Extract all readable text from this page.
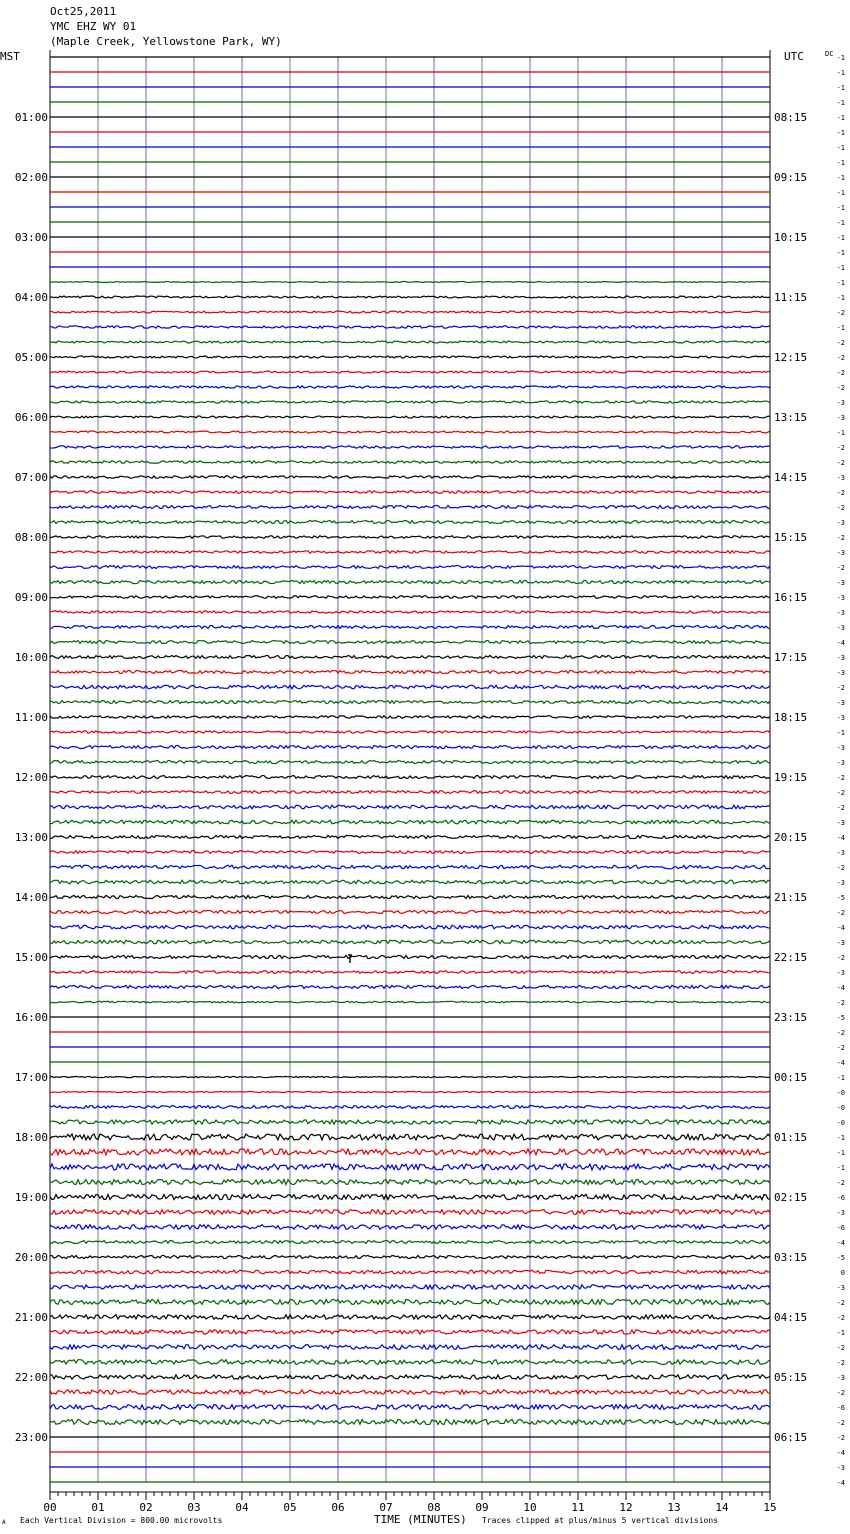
Oct25,2011
YMC EHZ WY 01
(Maple Creek, Yellowstone Park, WY)
MST	UTC	DC
01:00
02:00
03:00
04:00
05:00
06:00
07:00
08:00
09:00
10:00
11:00
12:00
13:00
14:00
15:00
16:00
17:00
18:00
19:00
20:00
21:00
22:00
23:00
08:15
09:15
10:15
11:15
12:15
13:15
14:15
15:15
16:15
17:15
18:15
19:15
20:15
21:15
22:15
23:15
00:15
01:15
02:15
03:15
04:15
05:15
06:15
-1
-1
-1
-1
-1
-1
-1
-1
-1
-1
-1
-1
-1
-1
-1
-1
-1
-2
-1
-2
-2
-2
-2
-3
-3
-1
-2
-2
-3
-2
-2
-3
-2
-3
-2
-3
-3
-3
-3
-4
-3
-3
-2
-3
-3
-1
-3
-3
-2
-2
-2
-3
-4
-3
-2
-3
-5
-2
-4
-3
-2
-3
-4
-2
-5
-2
-2
-4
-1
-0
-0
-0
-1
-1
-1
-2
-6
-3
-6
-4
-5
0
-3
-2
-2
-1
-2
-2
-3
-2
-6
-2
-2
-4
-3
-4
00	01	02	03	04	05	06	07	08	09	10	11	12	13	14	15
A Each Vertical Division = 800.00 microvolts	TIME (MINUTES) Traces clipped at plus/minus 5 vertical divisions
